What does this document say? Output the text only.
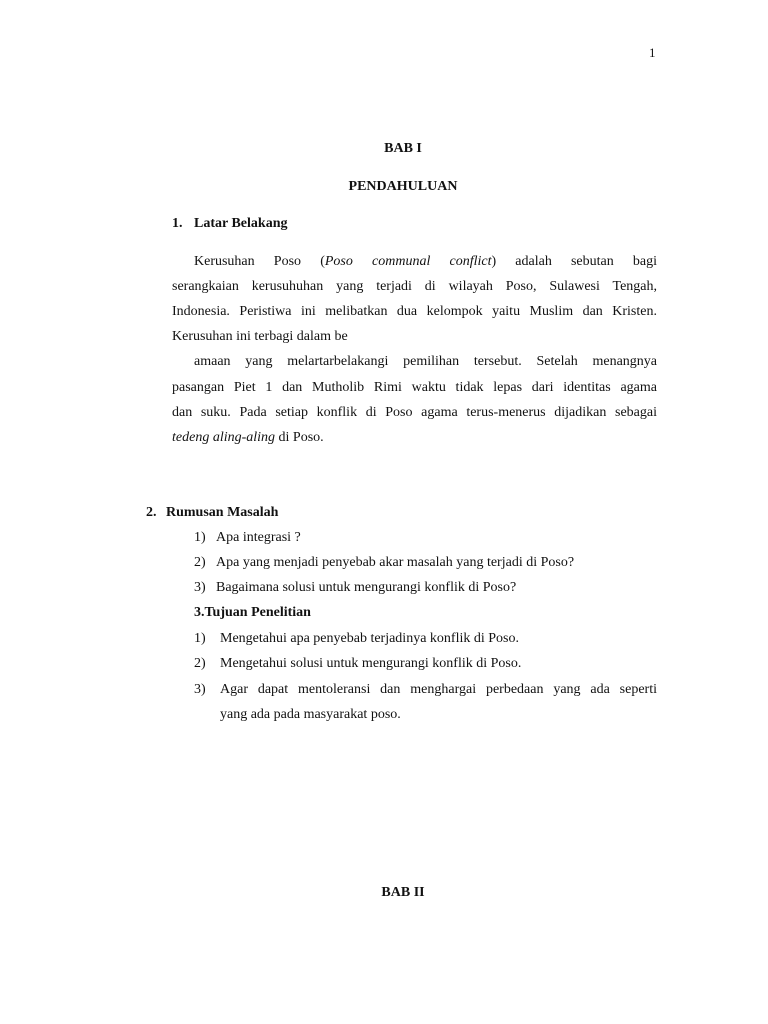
1
BAB I
PENDAHULUAN
1. Latar Belakang
Kerusuhan Poso (Poso communal conflict) adalah sebutan bagi
serangkaian kerusuhuhan yang terjadi di wilayah Poso, Sulawesi Tengah,
Indonesia. Peristiwa ini melibatkan dua kelompok yaitu Muslim dan Kristen.
Kerusuhan ini terbagi dalam be
amaan yang melartarbelakangi pemilihan tersebut. Setelah menangnya
pasangan Piet 1 dan Mutholib Rimi waktu tidak lepas dari identitas agama
dan suku. Pada setiap konflik di Poso agama terus-menerus dijadikan sebagai
tedeng aling-aling di Poso.
2. Rumusan Masalah
1) Apa integrasi ?
2) Apa yang menjadi penyebab akar masalah yang terjadi di Poso?
3) Bagaimana solusi untuk mengurangi konflik di Poso?
3.Tujuan Penelitian
1) Mengetahui apa penyebab terjadinya konflik di Poso.
2) Mengetahui solusi untuk mengurangi konflik di Poso.
3)	Agar dapat mentoleransi dan menghargai perbedaan yang ada seperti
yang ada pada masyarakat poso.
BAB II
